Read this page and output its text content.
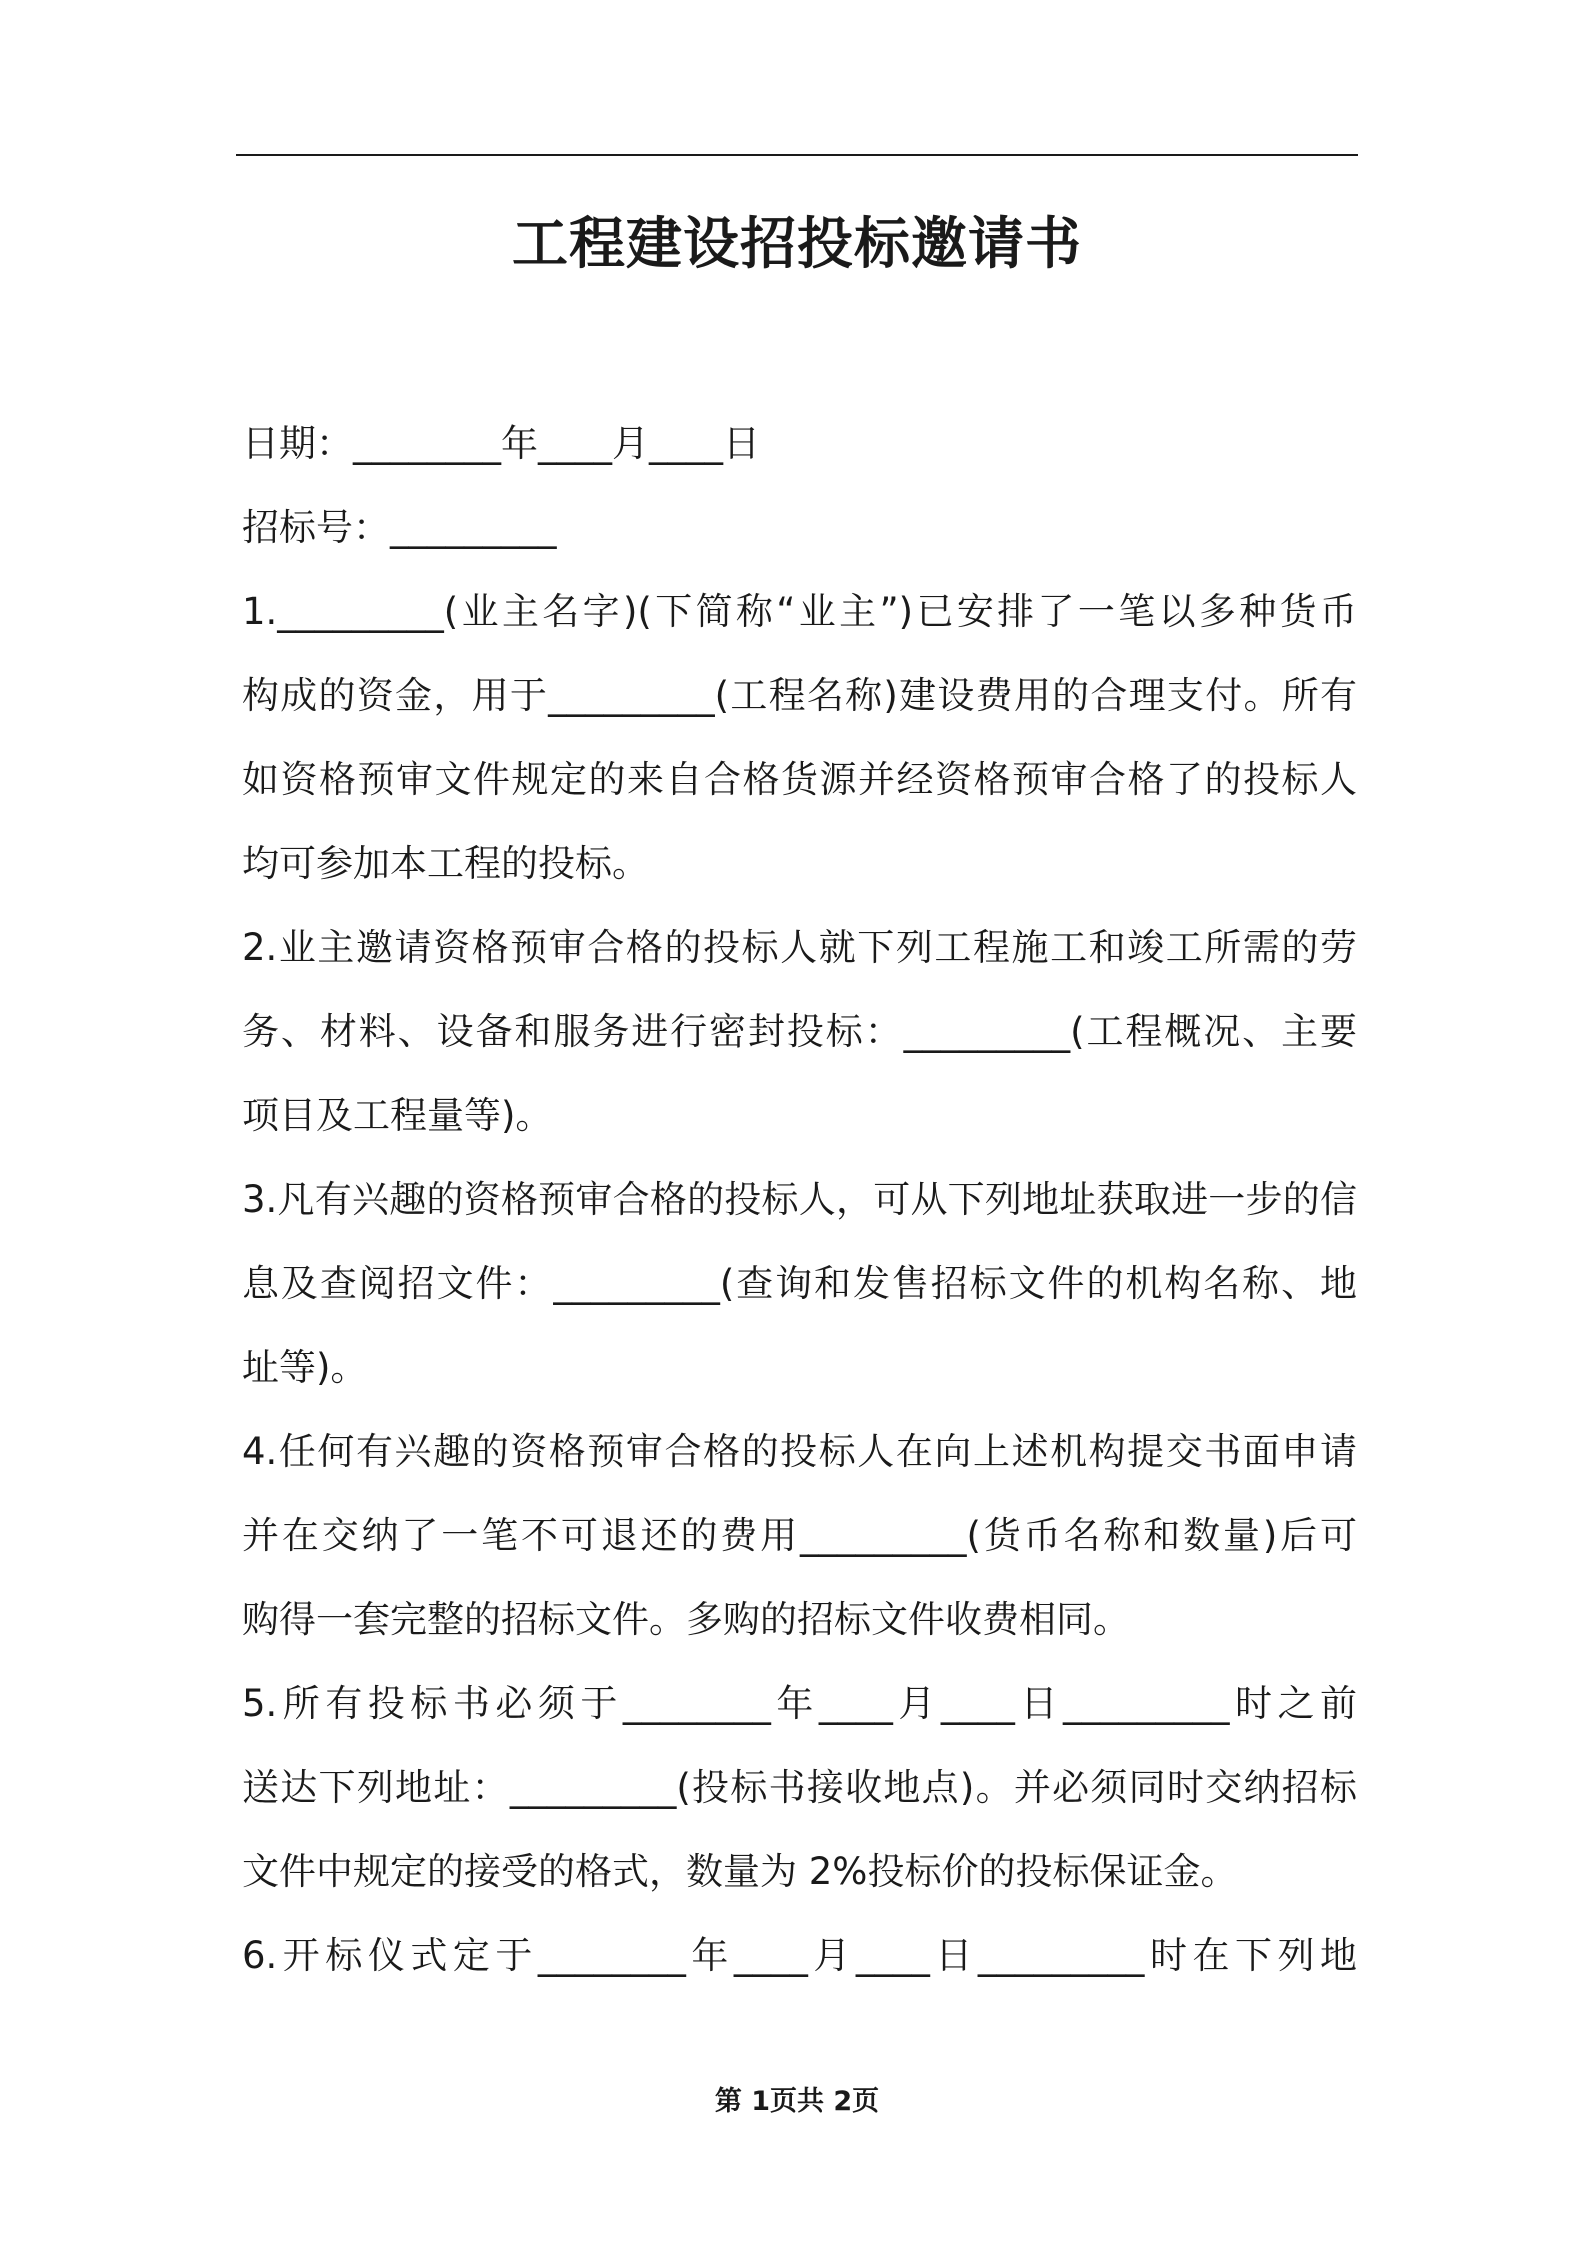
工程建设招投标邀请书
日期：________年____月____日
招标号：_________
1._________(业主名字)(下简称“业主”)已安排了一笔以多种货币
构成的资金，用于_________(工程名称)建设费用的合理支付。所有
如资格预审文件规定的来自合格货源并经资格预审合格了的投标人
均可参加本工程的投标。
2.业主邀请资格预审合格的投标人就下列工程施工和竣工所需的劳
务、材料、设备和服务进行密封投标：_________(工程概况、主要
项目及工程量等)。
3.凡有兴趣的资格预审合格的投标人，可从下列地址获取进一步的信
息及查阅招文件：_________(查询和发售招标文件的机构名称、地
址等)。
4.任何有兴趣的资格预审合格的投标人在向上述机构提交书面申请
并在交纳了一笔不可退还的费用_________(货币名称和数量)后可
购得一套完整的招标文件。多购的招标文件收费相同。
5.所有投标书必须于________年____月____日_________时之前
送达下列地址：_________(投标书接收地点)。并必须同时交纳招标
文件中规定的接受的格式，数量为 2%投标价的投标保证金。
6.开标仪式定于________年____月____日_________时在下列地
第 1页共 2页
